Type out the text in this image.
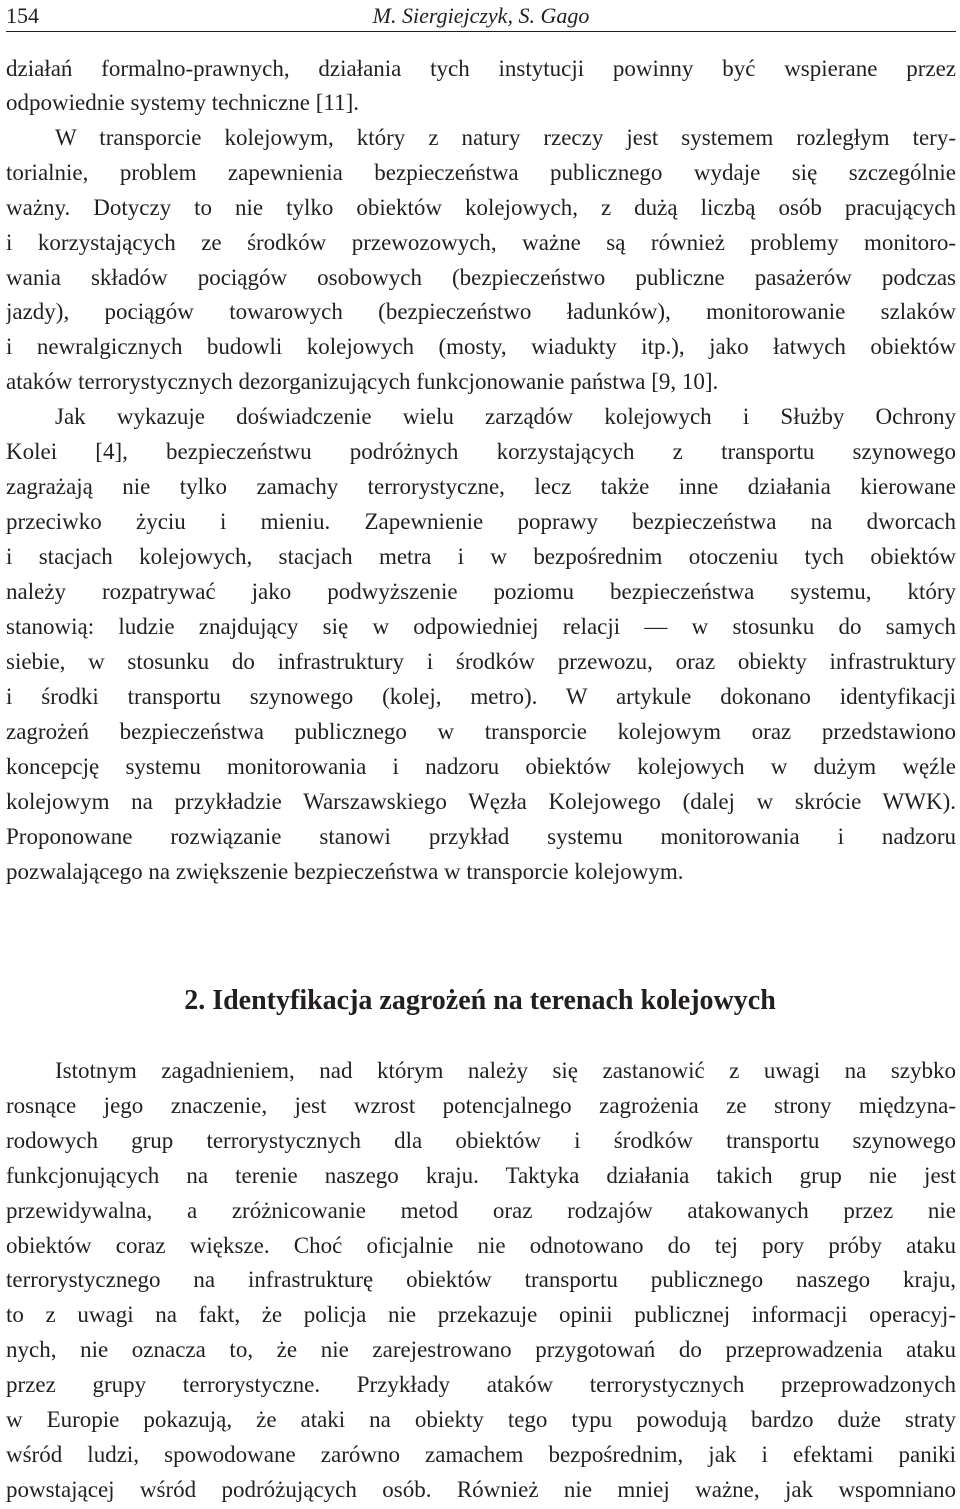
154	M. Siergiejczyk, S. Gago
działań formalno-prawnych, działania tych instytucji powinny być wspierane przez
odpowiednie systemy techniczne [11].
W transporcie kolejowym, który z natury rzeczy jest systemem rozległym tery-
torialnie, problem zapewnienia bezpieczeństwa publicznego wydaje się szczególnie
ważny. Dotyczy to nie tylko obiektów kolejowych, z dużą liczbą osób pracujących
i korzystających ze środków przewozowych, ważne są również problemy monitoro-
wania składów pociągów osobowych (bezpieczeństwo publiczne pasażerów podczas
jazdy), pociągów towarowych (bezpieczeństwo ładunków), monitorowanie szlaków
i newralgicznych budowli kolejowych (mosty, wiadukty itp.), jako łatwych obiektów
ataków terrorystycznych dezorganizujących funkcjonowanie państwa [9, 10].
Jak wykazuje doświadczenie wielu zarządów kolejowych i Służby Ochrony
Kolei [4], bezpieczeństwu podróżnych korzystających z transportu szynowego
zagrażają nie tylko zamachy terrorystyczne, lecz także inne działania kierowane
przeciwko życiu i mieniu. Zapewnienie poprawy bezpieczeństwa na dworcach
i stacjach kolejowych, stacjach metra i w bezpośrednim otoczeniu tych obiektów
należy rozpatrywać jako podwyższenie poziomu bezpieczeństwa systemu, który
stanowią: ludzie znajdujący się w odpowiedniej relacji — w stosunku do samych
siebie, w stosunku do infrastruktury i środków przewozu, oraz obiekty infrastruktury
i środki transportu szynowego (kolej, metro). W artykule dokonano identyfikacji
zagrożeń bezpieczeństwa publicznego w transporcie kolejowym oraz przedstawiono
koncepcję systemu monitorowania i nadzoru obiektów kolejowych w dużym węźle
kolejowym na przykładzie Warszawskiego Węzła Kolejowego (dalej w skrócie WWK).
Proponowane rozwiązanie stanowi przykład systemu monitorowania i nadzoru
pozwalającego na zwiększenie bezpieczeństwa w transporcie kolejowym.
2. Identyfikacja zagrożeń na terenach kolejowych
Istotnym zagadnieniem, nad którym należy się zastanowić z uwagi na szybko
rosnące jego znaczenie, jest wzrost potencjalnego zagrożenia ze strony międzyna-
rodowych grup terrorystycznych dla obiektów i środków transportu szynowego
funkcjonujących na terenie naszego kraju. Taktyka działania takich grup nie jest
przewidywalna, a zróżnicowanie metod oraz rodzajów atakowanych przez nie
obiektów coraz większe. Choć oficjalnie nie odnotowano do tej pory próby ataku
terrorystycznego na infrastrukturę obiektów transportu publicznego naszego kraju,
to z uwagi na fakt, że policja nie przekazuje opinii publicznej informacji operacyj-
nych, nie oznacza to, że nie zarejestrowano przygotowań do przeprowadzenia ataku
przez grupy terrorystyczne. Przykłady ataków terrorystycznych przeprowadzonych
w Europie pokazują, że ataki na obiekty tego typu powodują bardzo duże straty
wśród ludzi, spowodowane zarówno zamachem bezpośrednim, jak i efektami paniki
powstającej wśród podróżujących osób. Również nie mniej ważne, jak wspomniano
